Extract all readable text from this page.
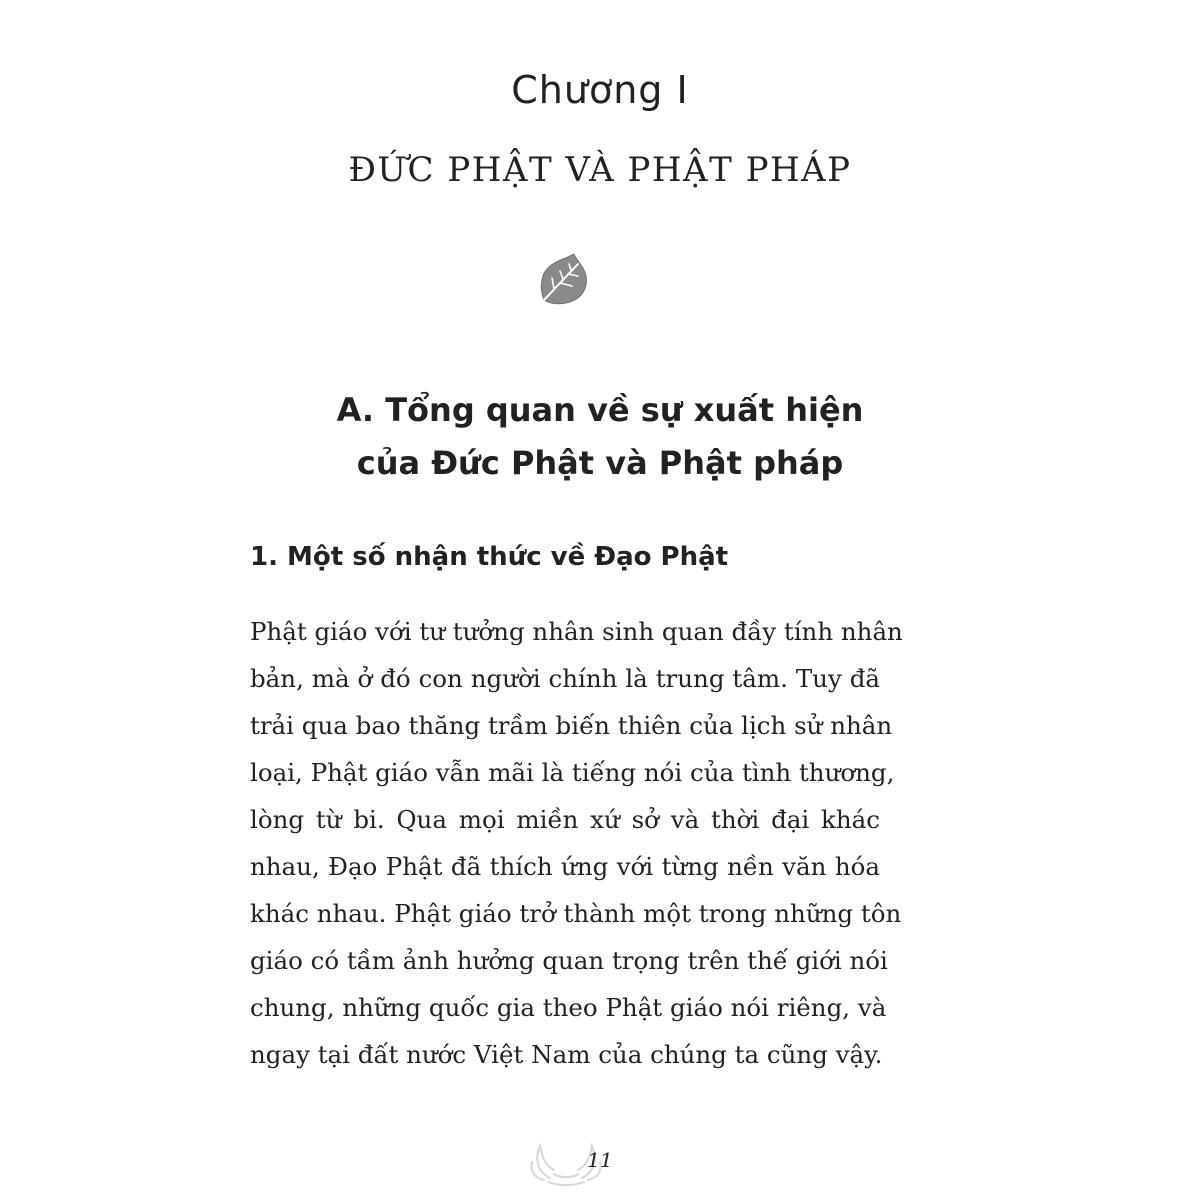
Chương I
ĐỨC PHẬT VÀ PHẬT PHÁP
A. Tổng quan về sự xuất hiện
của Đức Phật và Phật pháp
1. Một số nhận thức về Đạo Phật
Phật giáo với tư tưởng nhân sinh quan đầy tính nhân
bản, mà ở đó con người chính là trung tâm. Tuy đã
trải qua bao thăng trầm biến thiên của lịch sử nhân
loại, Phật giáo vẫn mãi là tiếng nói của tình thương,
lòng từ bi. Qua mọi miền xứ sở và thời đại khác
nhau, Đạo Phật đã thích ứng với từng nền văn hóa
khác nhau. Phật giáo trở thành một trong những tôn
giáo có tầm ảnh hưởng quan trọng trên thế giới nói
chung, những quốc gia theo Phật giáo nói riêng, và
ngay tại đất nước Việt Nam của chúng ta cũng vậy.
11
